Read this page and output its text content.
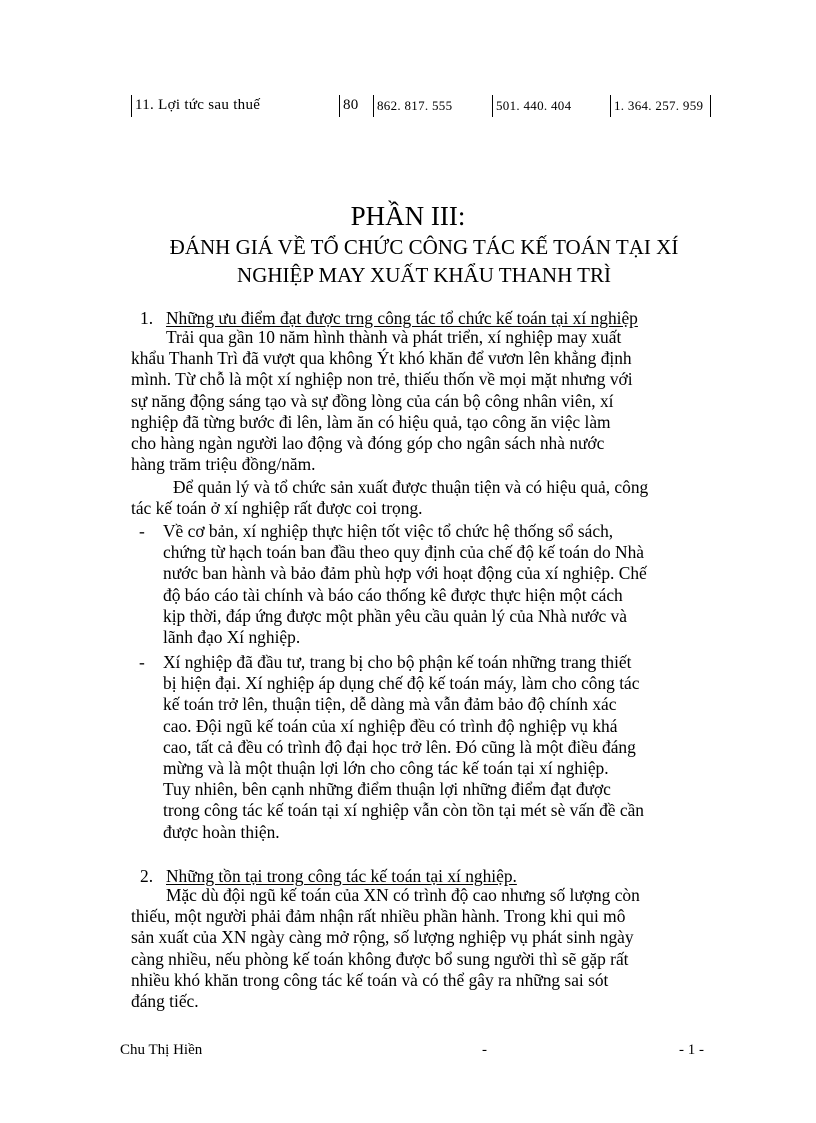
11. Lợi tức sau thuế	80	862. 817. 555	501. 440. 404	1. 364. 257. 959
PHẦN III:
ĐÁNH GIÁ VỀ TỔ CHỨC CÔNG TÁC KẾ TOÁN TẠI XÍ
NGHIỆP MAY XUẤT KHẨU THANH TRÌ
1. Những ưu điểm đạt được trng công tác tổ chức kế toán tại xí nghiệp
Trải qua gần 10 năm hình thành và phát triển, xí nghiệp may xuất
khẩu Thanh Trì đã vượt qua không Ýt khó khăn để vươn lên khẳng định
mình. Từ chỗ là một xí nghiệp non trẻ, thiếu thốn về mọi mặt nhưng với
sự năng động sáng tạo và sự đồng lòng của cán bộ công nhân viên, xí
nghiệp đã từng bước đi lên, làm ăn có hiệu quả, tạo công ăn việc làm
cho hàng ngàn người lao động và đóng góp cho ngân sách nhà nước
hàng trăm triệu đồng/năm.
Để quản lý và tổ chức sản xuất được thuận tiện và có hiệu quả, công
tác kế toán ở xí nghiệp rất được coi trọng.
- Về cơ bản, xí nghiệp thực hiện tốt việc tổ chức hệ thống sổ sách,
chứng từ hạch toán ban đầu theo quy định của chế độ kế toán do Nhà
nước ban hành và bảo đảm phù hợp với hoạt động của xí nghiệp. Chế
độ báo cáo tài chính và báo cáo thống kê được thực hiện một cách
kịp thời, đáp ứng được một phần yêu cầu quản lý của Nhà nước và
lãnh đạo Xí nghiệp.
- Xí nghiệp đã đầu tư, trang bị cho bộ phận kế toán những trang thiết
bị hiện đại. Xí nghiệp áp dụng chế độ kế toán máy, làm cho công tác
kế toán trở lên, thuận tiện, dễ dàng mà vẫn đảm bảo độ chính xác
cao. Đội ngũ kế toán của xí nghiệp đều có trình độ nghiệp vụ khá
cao, tất cả đều có trình độ đại học trở lên. Đó cũng là một điều đáng
mừng và là một thuận lợi lớn cho công tác kế toán tại xí nghiệp.
Tuy nhiên, bên cạnh những điểm thuận lợi những điểm đạt được
trong công tác kế toán tại xí nghiệp vẫn còn tồn tại mét sè vấn đề cần
được hoàn thiện.
2. Những tồn tại trong công tác kế toán tại xí nghiệp.
Mặc dù đội ngũ kế toán của XN có trình độ cao nhưng số lượng còn
thiếu, một người phải đảm nhận rất nhiều phần hành. Trong khi qui mô
sản xuất của XN ngày càng mở rộng, số lượng nghiệp vụ phát sinh ngày
càng nhiều, nếu phòng kế toán không được bổ sung người thì sẽ gặp rất
nhiều khó khăn trong công tác kế toán và có thể gây ra những sai sót
đáng tiếc.
Chu Thị Hiền	-	- 1 -
